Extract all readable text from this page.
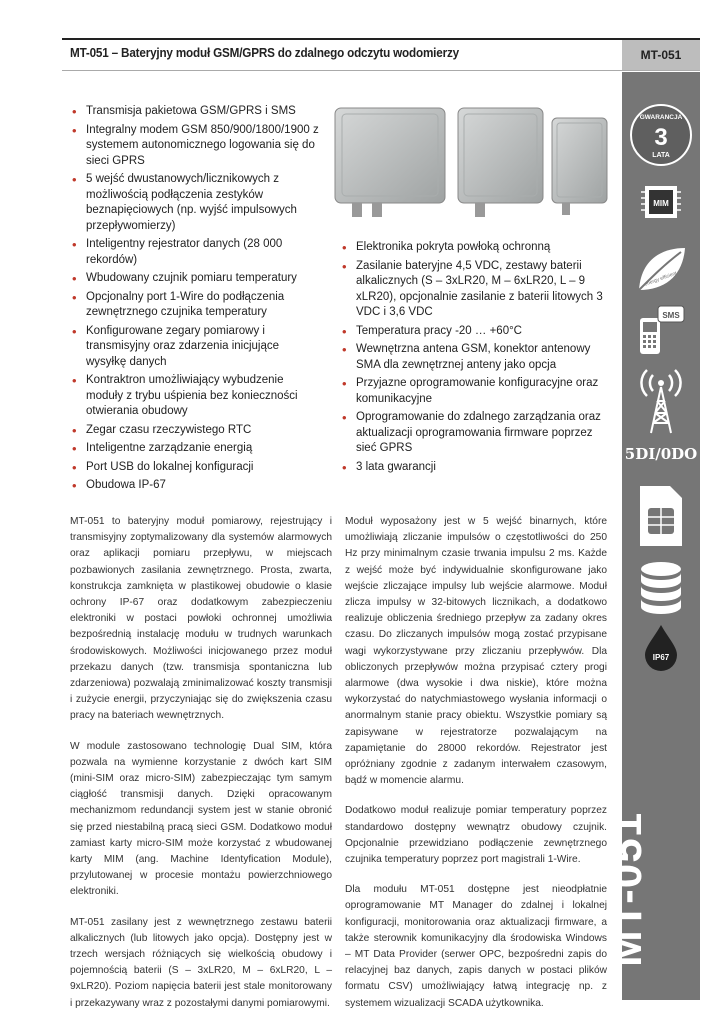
MT-051 – Bateryjny moduł GSM/GPRS do zdalnego odczytu wodomierzy	MT-051
• Transmisja pakietowa GSM/GPRS i SMS
• Integralny modem GSM 850/900/1800/1900 z systemem autonomicznego logowania się do sieci GPRS
• 5 wejść dwustanowych/licznikowych z możliwością podłączenia zestyków beznapięciowych (np. wyjść impulsowych przepływomierzy)
• Inteligentny rejestrator danych (28 000 rekordów)
• Wbudowany czujnik pomiaru temperatury
• Opcjonalny port 1-Wire do podłączenia zewnętrznego czujnika temperatury
• Konfigurowane zegary pomiarowy i transmisyjny oraz zdarzenia inicjujące wysyłkę danych
• Kontraktron umożliwiający wybudzenie moduły z trybu uśpienia bez konieczności otwierania obudowy
• Zegar czasu rzeczywistego RTC
• Inteligentne zarządzanie energią
• Port USB do lokalnej konfiguracji
• Obudowa IP-67
• Elektronika pokryta powłoką ochronną
• Zasilanie bateryjne 4,5 VDC, zestawy baterii alkalicznych (S – 3xLR20, M – 6xLR20, L – 9 xLR20), opcjonalnie zasilanie z baterii litowych 3 VDC i 3,6 VDC
• Temperatura pracy -20 … +60°C
• Wewnętrzna antena GSM, konektor antenowy SMA dla zewnętrznej anteny jako opcja
• Przyjazne oprogramowanie konfiguracyjne oraz komunikacyjne
• Oprogramowanie do zdalnego zarządzania oraz aktualizacji oprogramowania firmware poprzez sieć GPRS
• 3 lata gwarancji

MT-051 to bateryjny moduł pomiarowy, rejestrujący i transmisyjny zoptymalizowany dla systemów alarmowych oraz aplikacji pomiaru przepływu, w miejscach pozbawionych zasilania zewnętrznego. Prosta, zwarta, konstrukcja zamknięta w plastikowej obudowie o klasie ochrony IP-67 oraz dodatkowym zabezpieczeniu elektroniki w postaci powłoki ochronnej umożliwia bezpośrednią instalację modułu w trudnych warunkach środowiskowych. Możliwości inicjowanego przez moduł przekazu danych (tzw. transmisja spontaniczna lub zdarzeniowa) pozwalają zminimalizować koszty transmisji i zużycie energii, przyczyniając się do zwiększenia czasu pracy na bateriach wewnętrznych.

W module zastosowano technologię Dual SIM, która pozwala na wymienne korzystanie z dwóch kart SIM (mini-SIM oraz micro-SIM) zabezpieczając tym samym ciągłość transmisji danych. Dzięki opracowanym mechanizmom redundancji system jest w stanie obronić się przed niestabilną pracą sieci GSM. Dodatkowo moduł zamiast karty micro-SIM może korzystać z wbudowanej karty MIM (ang. Machine Identyfication Module), przylutowanej w procesie montażu powierzchniowego elektroniki.

MT-051 zasilany jest z wewnętrznego zestawu baterii alkalicznych (lub litowych jako opcja). Dostępny jest w trzech wersjach różniących się wielkością obudowy i pojemnością baterii (S – 3xLR20, M – 6xLR20, L – 9xLR20). Poziom napięcia baterii jest stale monitorowany i przekazywany wraz z pozostałymi danymi pomiarowymi.

Moduł wyposażony jest w 5 wejść binarnych, które umożliwiają zliczanie impulsów o częstotliwości do 250 Hz przy minimalnym czasie trwania impulsu 2 ms. Każde z wejść może być indywidualnie skonfigurowane jako wejście zliczające impulsy lub wejście alarmowe. Moduł zlicza impulsy w 32-bitowych licznikach, a dodatkowo realizuje obliczenia średniego przepływ za zadany okres czasu. Do zliczanych impulsów mogą zostać przypisane wagi wykorzystywane przy zliczaniu przepływów. Dla obliczonych przepływów można przypisać cztery progi alarmowe (dwa wysokie i dwa niskie), które można wykorzystać do natychmiastowego wysłania informacji o anormalnym stanie pracy obiektu. Wszystkie pomiary są zapisywane w rejestratorze pozwalającym na zapamiętanie do 28000 rekordów. Rejestrator jest opróżniany zgodnie z zadanym interwałem czasowym, bądź w momencie alarmu.

Dodatkowo moduł realizuje pomiar temperatury poprzez standardowo dostępny wewnątrz obudowy czujnik. Opcjonalnie przewidziano podłączenie zewnętrznego czujnika temperatury poprzez port magistrali 1-Wire.

Dla modułu MT-051 dostępne jest nieodpłatnie oprogramowanie MT Manager do zdalnej i lokalnej konfiguracji, monitorowania oraz aktualizacji firmware, a także sterownik komunikacyjny dla środowiska Windows – MT Data Provider (serwer OPC, bezpośredni zapis do relacyjnej baz danych, zapis danych w postaci plików formatu CSV) umożliwiający łatwą integrację np. z systemem wizualizacji SCADA użytkownika.

GWARANCJA
3
LATA
MIM
energy efficient
SMS
5DI/0DO
IP67
MT-051
